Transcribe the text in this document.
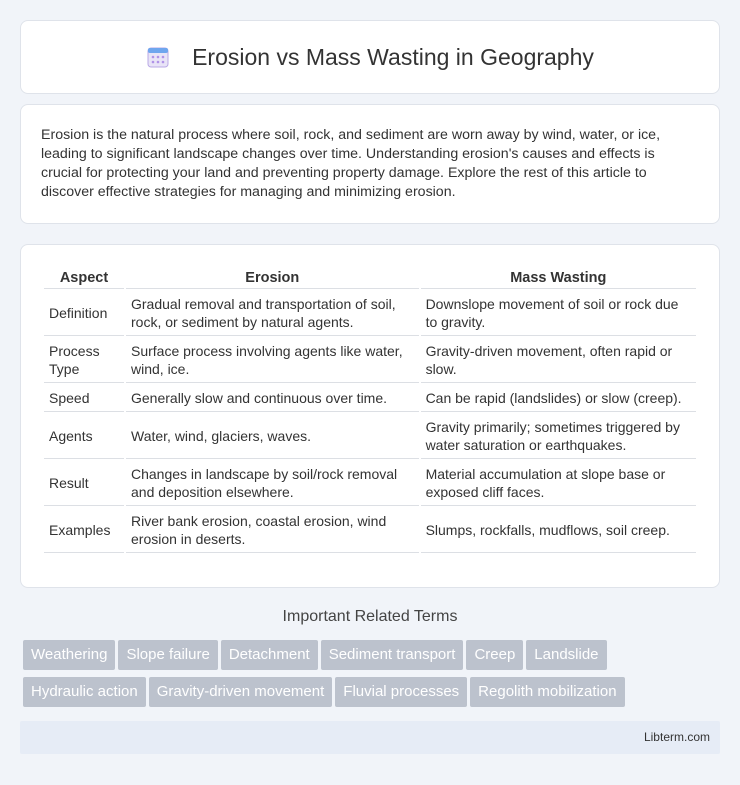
Erosion vs Mass Wasting in Geography

Erosion is the natural process where soil, rock, and sediment are worn away by wind, water, or ice, leading to significant landscape changes over time. Understanding erosion's causes and effects is crucial for protecting your land and preventing property damage. Explore the rest of this article to discover effective strategies for managing and minimizing erosion.

Aspect	Erosion	Mass Wasting
Definition	Gradual removal and transportation of soil, rock, or sediment by natural agents.	Downslope movement of soil or rock due to gravity.
Process Type	Surface process involving agents like water, wind, ice.	Gravity-driven movement, often rapid or slow.
Speed	Generally slow and continuous over time.	Can be rapid (landslides) or slow (creep).
Agents	Water, wind, glaciers, waves.	Gravity primarily; sometimes triggered by water saturation or earthquakes.
Result	Changes in landscape by soil/rock removal and deposition elsewhere.	Material accumulation at slope base or exposed cliff faces.
Examples	River bank erosion, coastal erosion, wind erosion in deserts.	Slumps, rockfalls, mudflows, soil creep.
Important Related Terms
Weathering Slope failure Detachment Sediment transport Creep Landslide
Hydraulic action Gravity-driven movement Fluvial processes Regolith mobilization
Libterm.com
